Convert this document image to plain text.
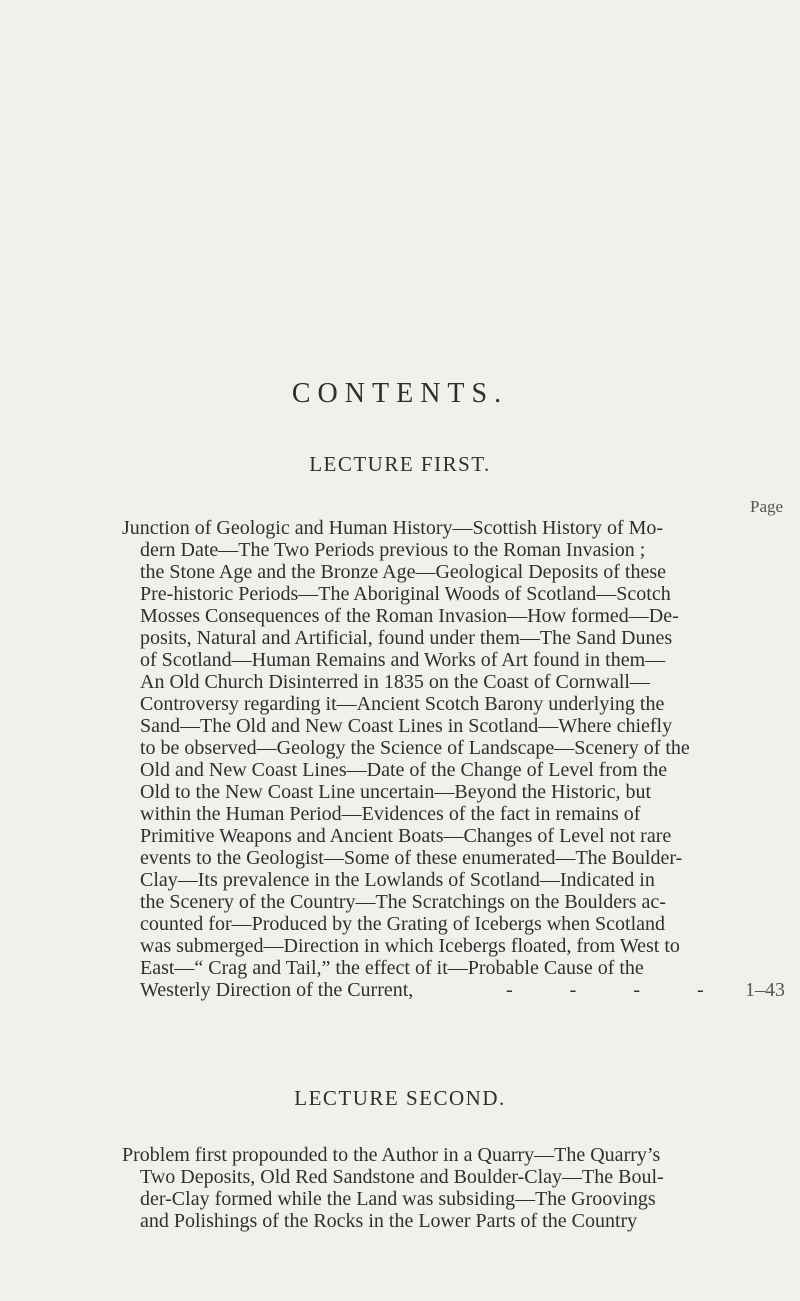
CONTENTS.
LECTURE FIRST.
Page
Junction of Geologic and Human History—Scottish History of Mo-
dern Date—The Two Periods previous to the Roman Invasion ;
the Stone Age and the Bronze Age—Geological Deposits of these
Pre-historic Periods—The Aboriginal Woods of Scotland—Scotch
Mosses Consequences of the Roman Invasion—How formed—De-
posits, Natural and Artificial, found under them—The Sand Dunes
of Scotland—Human Remains and Works of Art found in them—
An Old Church Disinterred in 1835 on the Coast of Cornwall—
Controversy regarding it—Ancient Scotch Barony underlying the
Sand—The Old and New Coast Lines in Scotland—Where chiefly
to be observed—Geology the Science of Landscape—Scenery of the
Old and New Coast Lines—Date of the Change of Level from the
Old to the New Coast Line uncertain—Beyond the Historic, but
within the Human Period—Evidences of the fact in remains of
Primitive Weapons and Ancient Boats—Changes of Level not rare
events to the Geologist—Some of these enumerated—The Boulder-
Clay—Its prevalence in the Lowlands of Scotland—Indicated in
the Scenery of the Country—The Scratchings on the Boulders ac-
counted for—Produced by the Grating of Icebergs when Scotland
was submerged—Direction in which Icebergs floated, from West to
East—“ Crag and Tail,” the effect of it—Probable Cause of the
Westerly Direction of the Current,	- - - - 1–43
LECTURE SECOND.
Problem first propounded to the Author in a Quarry—The Quarry’s
Two Deposits, Old Red Sandstone and Boulder-Clay—The Boul-
der-Clay formed while the Land was subsiding—The Groovings
and Polishings of the Rocks in the Lower Parts of the Country
